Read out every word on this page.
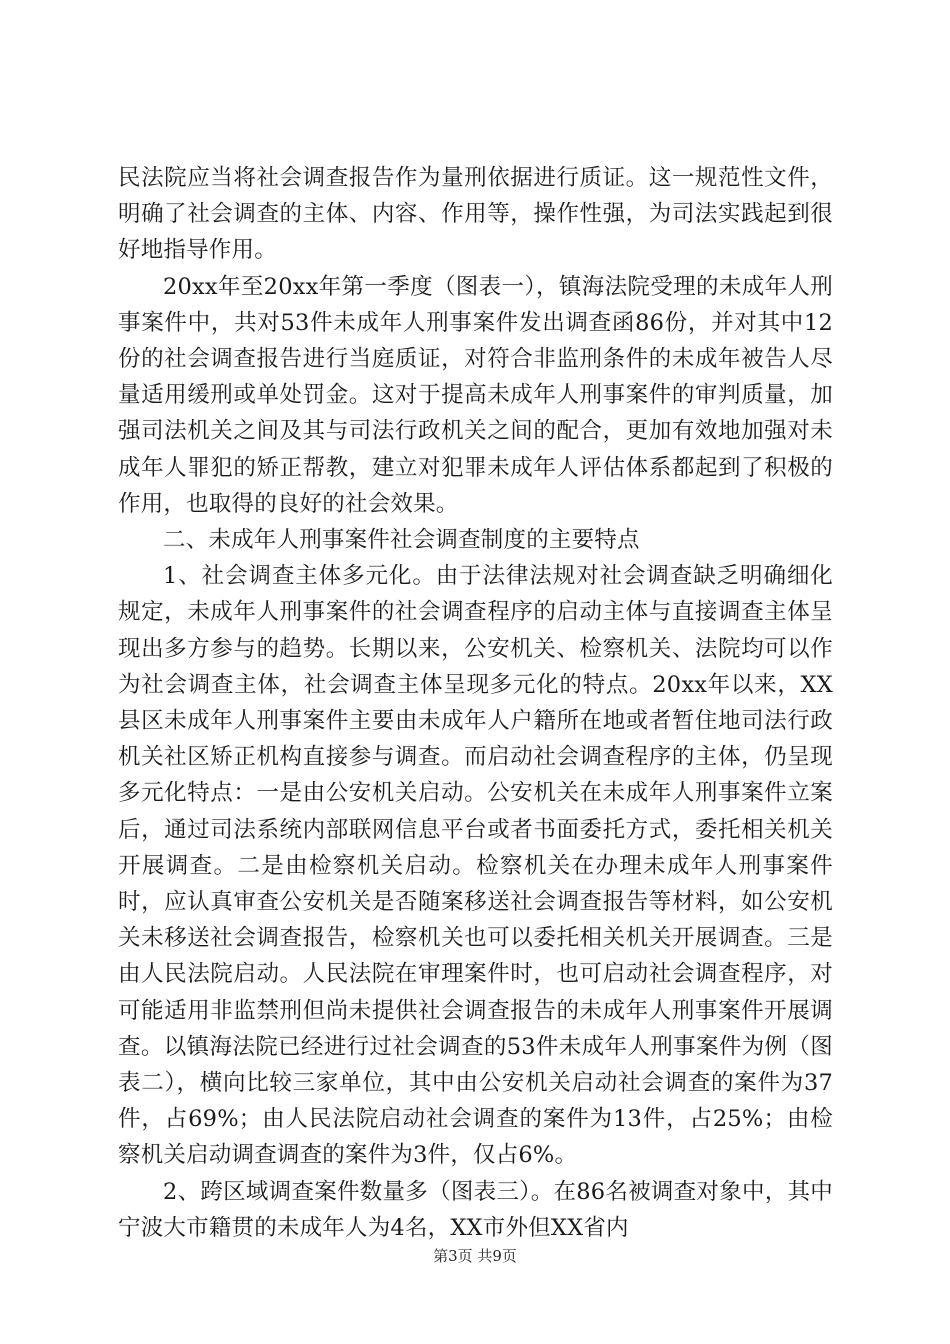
民法院应当将社会调查报告作为量刑依据进行质证。这一规范性文件，明确了社会调查的主体、内容、作用等，操作性强，为司法实践起到很好地指导作用。

20xx年至20xx年第一季度（图表一），镇海法院受理的未成年人刑事案件中，共对53件未成年人刑事案件发出调查函86份，并对其中12份的社会调查报告进行当庭质证，对符合非监刑条件的未成年被告人尽量适用缓刑或单处罚金。这对于提高未成年人刑事案件的审判质量，加强司法机关之间及其与司法行政机关之间的配合，更加有效地加强对未成年人罪犯的矫正帮教，建立对犯罪未成年人评估体系都起到了积极的作用，也取得的良好的社会效果。

二、未成年人刑事案件社会调查制度的主要特点

1、社会调查主体多元化。由于法律法规对社会调查缺乏明确细化规定，未成年人刑事案件的社会调查程序的启动主体与直接调查主体呈现出多方参与的趋势。长期以来，公安机关、检察机关、法院均可以作为社会调查主体，社会调查主体呈现多元化的特点。20xx年以来，XX县区未成年人刑事案件主要由未成年人户籍所在地或者暂住地司法行政机关社区矫正机构直接参与调查。而启动社会调查程序的主体，仍呈现多元化特点：一是由公安机关启动。公安机关在未成年人刑事案件立案后，通过司法系统内部联网信息平台或者书面委托方式，委托相关机关开展调查。二是由检察机关启动。检察机关在办理未成年人刑事案件时，应认真审查公安机关是否随案移送社会调查报告等材料，如公安机关未移送社会调查报告，检察机关也可以委托相关机关开展调查。三是由人民法院启动。人民法院在审理案件时，也可启动社会调查程序，对可能适用非监禁刑但尚未提供社会调查报告的未成年人刑事案件开展调查。以镇海法院已经进行过社会调查的53件未成年人刑事案件为例（图表二），横向比较三家单位，其中由公安机关启动社会调查的案件为37件，占69%；由人民法院启动社会调查的案件为13件，占25%；由检察机关启动调查调查的案件为3件，仅占6%。

2、跨区域调查案件数量多（图表三）。在86名被调查对象中，其中宁波大市籍贯的未成年人为4名，XX市外但XX省内

第3页 共9页
